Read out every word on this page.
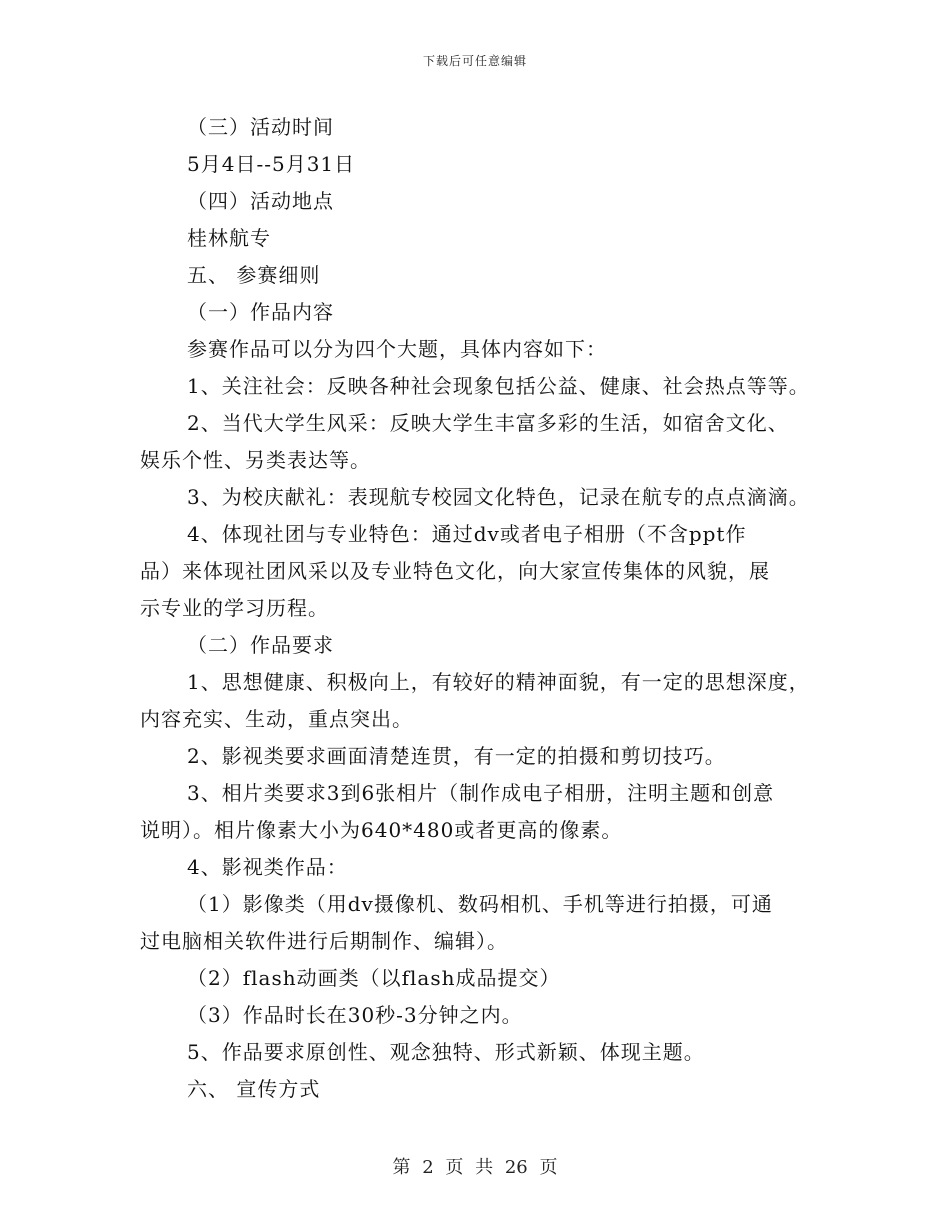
下载后可任意编辑
（三）活动时间
5月4日--5月31日
（四）活动地点
桂林航专
五、 参赛细则
（一）作品内容
参赛作品可以分为四个大题，具体内容如下：
1、关注社会：反映各种社会现象包括公益、健康、社会热点等等。
2、当代大学生风采：反映大学生丰富多彩的生活，如宿舍文化、
娱乐个性、另类表达等。
3、为校庆献礼：表现航专校园文化特色，记录在航专的点点滴滴。
4、体现社团与专业特色：通过dv或者电子相册（不含ppt作
品）来体现社团风采以及专业特色文化，向大家宣传集体的风貌，展
示专业的学习历程。
（二）作品要求
1、思想健康、积极向上，有较好的精神面貌，有一定的思想深度，
内容充实、生动，重点突出。
2、影视类要求画面清楚连贯，有一定的拍摄和剪切技巧。
3、相片类要求3到6张相片（制作成电子相册，注明主题和创意
说明）。相片像素大小为640*480或者更高的像素。
4、影视类作品：
（1）影像类（用dv摄像机、数码相机、手机等进行拍摄，可通
过电脑相关软件进行后期制作、编辑）。
（2）flash动画类（以flash成品提交）
（3）作品时长在30秒-3分钟之内。
5、作品要求原创性、观念独特、形式新颖、体现主题。
六、 宣传方式
第 2 页 共 26 页
